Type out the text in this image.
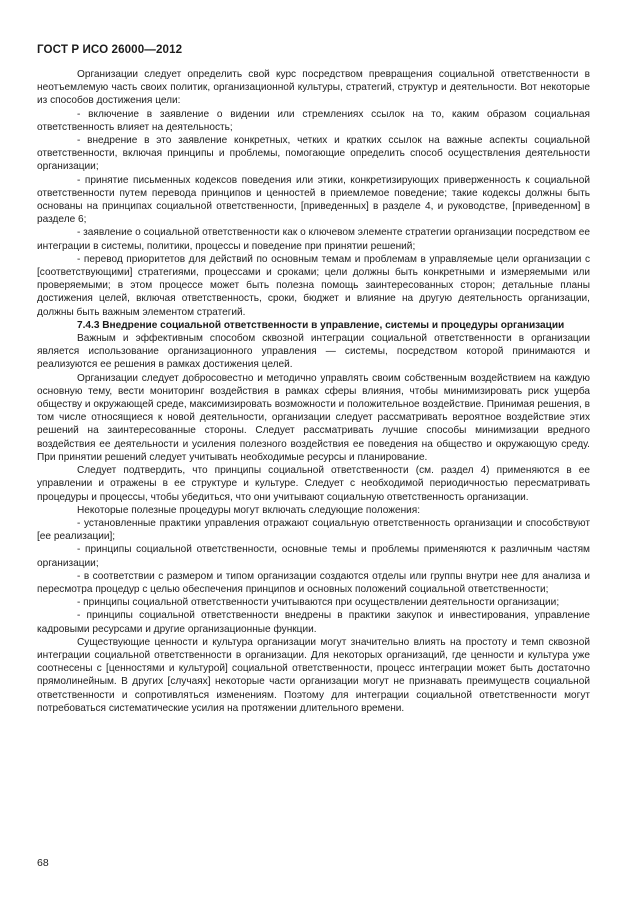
ГОСТ Р ИСО 26000—2012

Организации следует определить свой курс посредством превращения социальной ответственности в неотъемлемую часть своих политик, организационной культуры, стратегий, структур и деятельности. Вот некоторые из способов достижения цели:

- включение в заявление о видении или стремлениях ссылок на то, каким образом социальная ответственность влияет на деятельность;

- внедрение в это заявление конкретных, четких и кратких ссылок на важные аспекты социальной ответственности, включая принципы и проблемы, помогающие определить способ осуществления деятельности организации;

- принятие письменных кодексов поведения или этики, конкретизирующих приверженность к социальной ответственности путем перевода принципов и ценностей в приемлемое поведение; такие кодексы должны быть основаны на принципах социальной ответственности, [приведенных] в разделе 4, и руководстве, [приведенном] в разделе 6;

- заявление о социальной ответственности как о ключевом элементе стратегии организации посредством ее интеграции в системы, политики, процессы и поведение при принятии решений;

- перевод приоритетов для действий по основным темам и проблемам в управляемые цели организации с [соответствующими] стратегиями, процессами и сроками; цели должны быть конкретными и измеряемыми или проверяемыми; в этом процессе может быть полезна помощь заинтересованных сторон; детальные планы достижения целей, включая ответственность, сроки, бюджет и влияние на другую деятельность организации, должны быть важным элементом стратегий.

7.4.3 Внедрение социальной ответственности в управление, системы и процедуры организации

Важным и эффективным способом сквозной интеграции социальной ответственности в организации является использование организационного управления — системы, посредством которой принимаются и реализуются ее решения в рамках достижения целей.

Организации следует добросовестно и методично управлять своим собственным воздействием на каждую основную тему, вести мониторинг воздействия в рамках сферы влияния, чтобы минимизировать риск ущерба обществу и окружающей среде, максимизировать возможности и положительное воздействие. Принимая решения, в том числе относящиеся к новой деятельности, организации следует рассматривать вероятное воздействие этих решений на заинтересованные стороны. Следует рассматривать лучшие способы минимизации вредного воздействия ее деятельности и усиления полезного воздействия ее поведения на общество и окружающую среду. При принятии решений следует учитывать необходимые ресурсы и планирование.

Следует подтвердить, что принципы социальной ответственности (см. раздел 4) применяются в ее управлении и отражены в ее структуре и культуре. Следует с необходимой периодичностью пересматривать процедуры и процессы, чтобы убедиться, что они учитывают социальную ответственность организации.

Некоторые полезные процедуры могут включать следующие положения:

- установленные практики управления отражают социальную ответственность организации и способствуют [ее реализации];

- принципы социальной ответственности, основные темы и проблемы применяются к различным частям организации;

- в соответствии с размером и типом организации создаются отделы или группы внутри нее для анализа и пересмотра процедур с целью обеспечения принципов и основных положений социальной ответственности;

- принципы социальной ответственности учитываются при осуществлении деятельности организации;

- принципы социальной ответственности внедрены в практики закупок и инвестирования, управление кадровыми ресурсами и другие организационные функции.

Существующие ценности и культура организации могут значительно влиять на простоту и темп сквозной интеграции социальной ответственности в организации. Для некоторых организаций, где ценности и культура уже соотнесены с [ценностями и культурой] социальной ответственности, процесс интеграции может быть достаточно прямолинейным. В других [случаях] некоторые части организации могут не признавать преимуществ социальной ответственности и сопротивляться изменениям. Поэтому для интеграции социальной ответственности могут потребоваться систематические усилия на протяжении длительного времени.

68
